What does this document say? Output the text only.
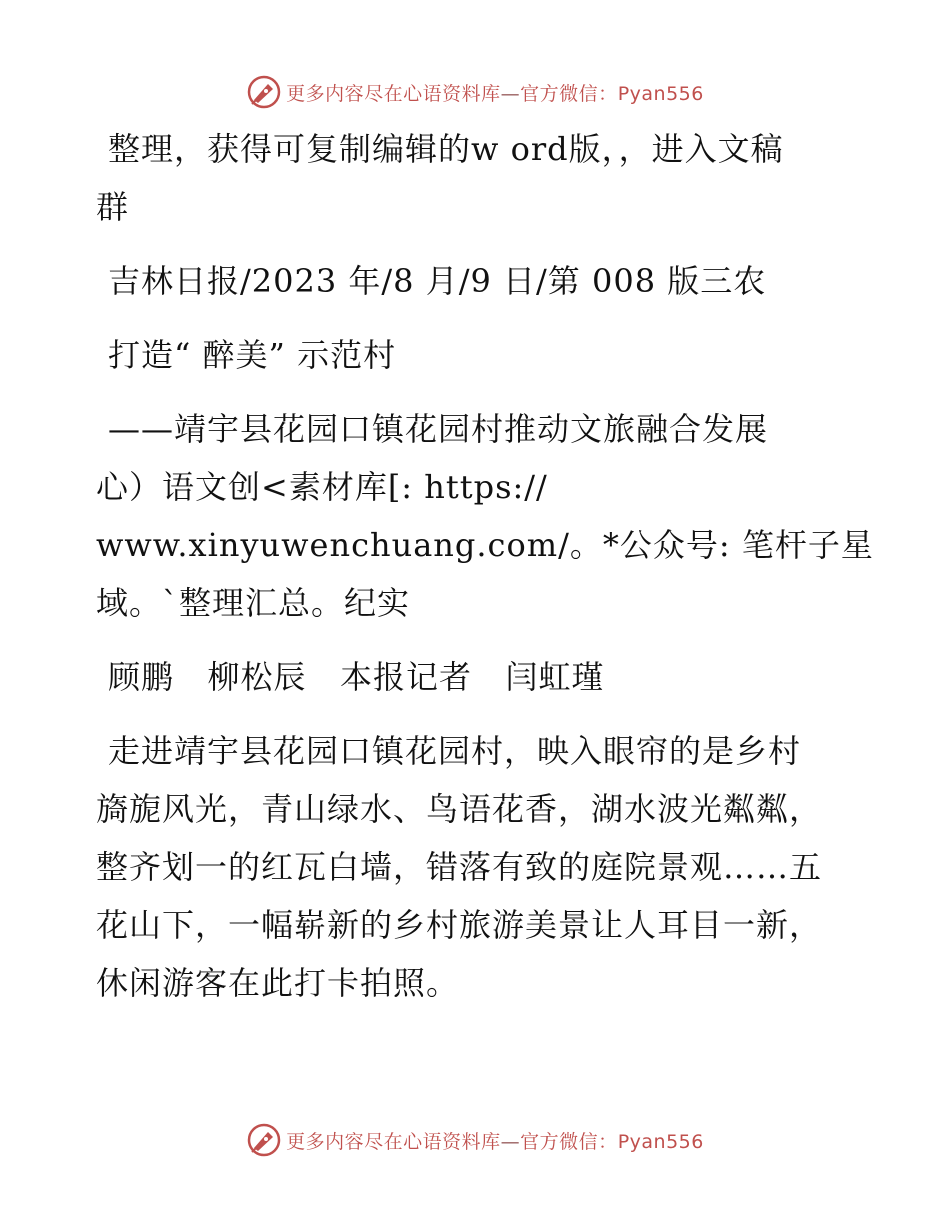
更多内容尽在心语资料库—官方微信：Pyan556

整理，获得可复制编辑的w ord版，，进入文稿

群

吉林日报/2023 年/8 月/9 日/第 008 版三农

打造“ 醉美” 示范村

——靖宇县花园口镇花园村推动文旅融合发展

心）语文创<素材库[: https://

www.xinyuwenchuang.com/。*公众号: 笔杆子星

域。`整理汇总。纪实

顾鹏   柳松辰   本报记者   闫虹瑾

走进靖宇县花园口镇花园村，映入眼帘的是乡村

旖旎风光，青山绿水、鸟语花香，湖水波光粼粼，

整齐划一的红瓦白墙，错落有致的庭院景观……五

花山下，一幅崭新的乡村旅游美景让人耳目一新，

休闲游客在此打卡拍照。

更多内容尽在心语资料库—官方微信：Pyan556
